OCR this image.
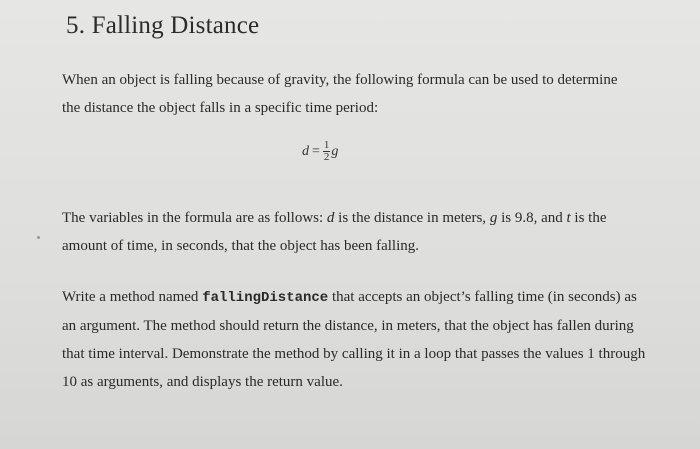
5. Falling Distance
When an object is falling because of gravity, the following formula can be used to determine the distance the object falls in a specific time period:
$d = \frac{1}{2}$ g
The variables in the formula are as follows: d is the distance in meters, g is 9.8, and t is the amount of time, in seconds, that the object has been falling.
Write a method named fallingDistance that accepts an object’s falling time (in seconds) as an argument. The method should return the distance, in meters, that the object has fallen during that time interval. Demonstrate the method by calling it in a loop that passes the values 1 through 10 as arguments, and displays the return value.
